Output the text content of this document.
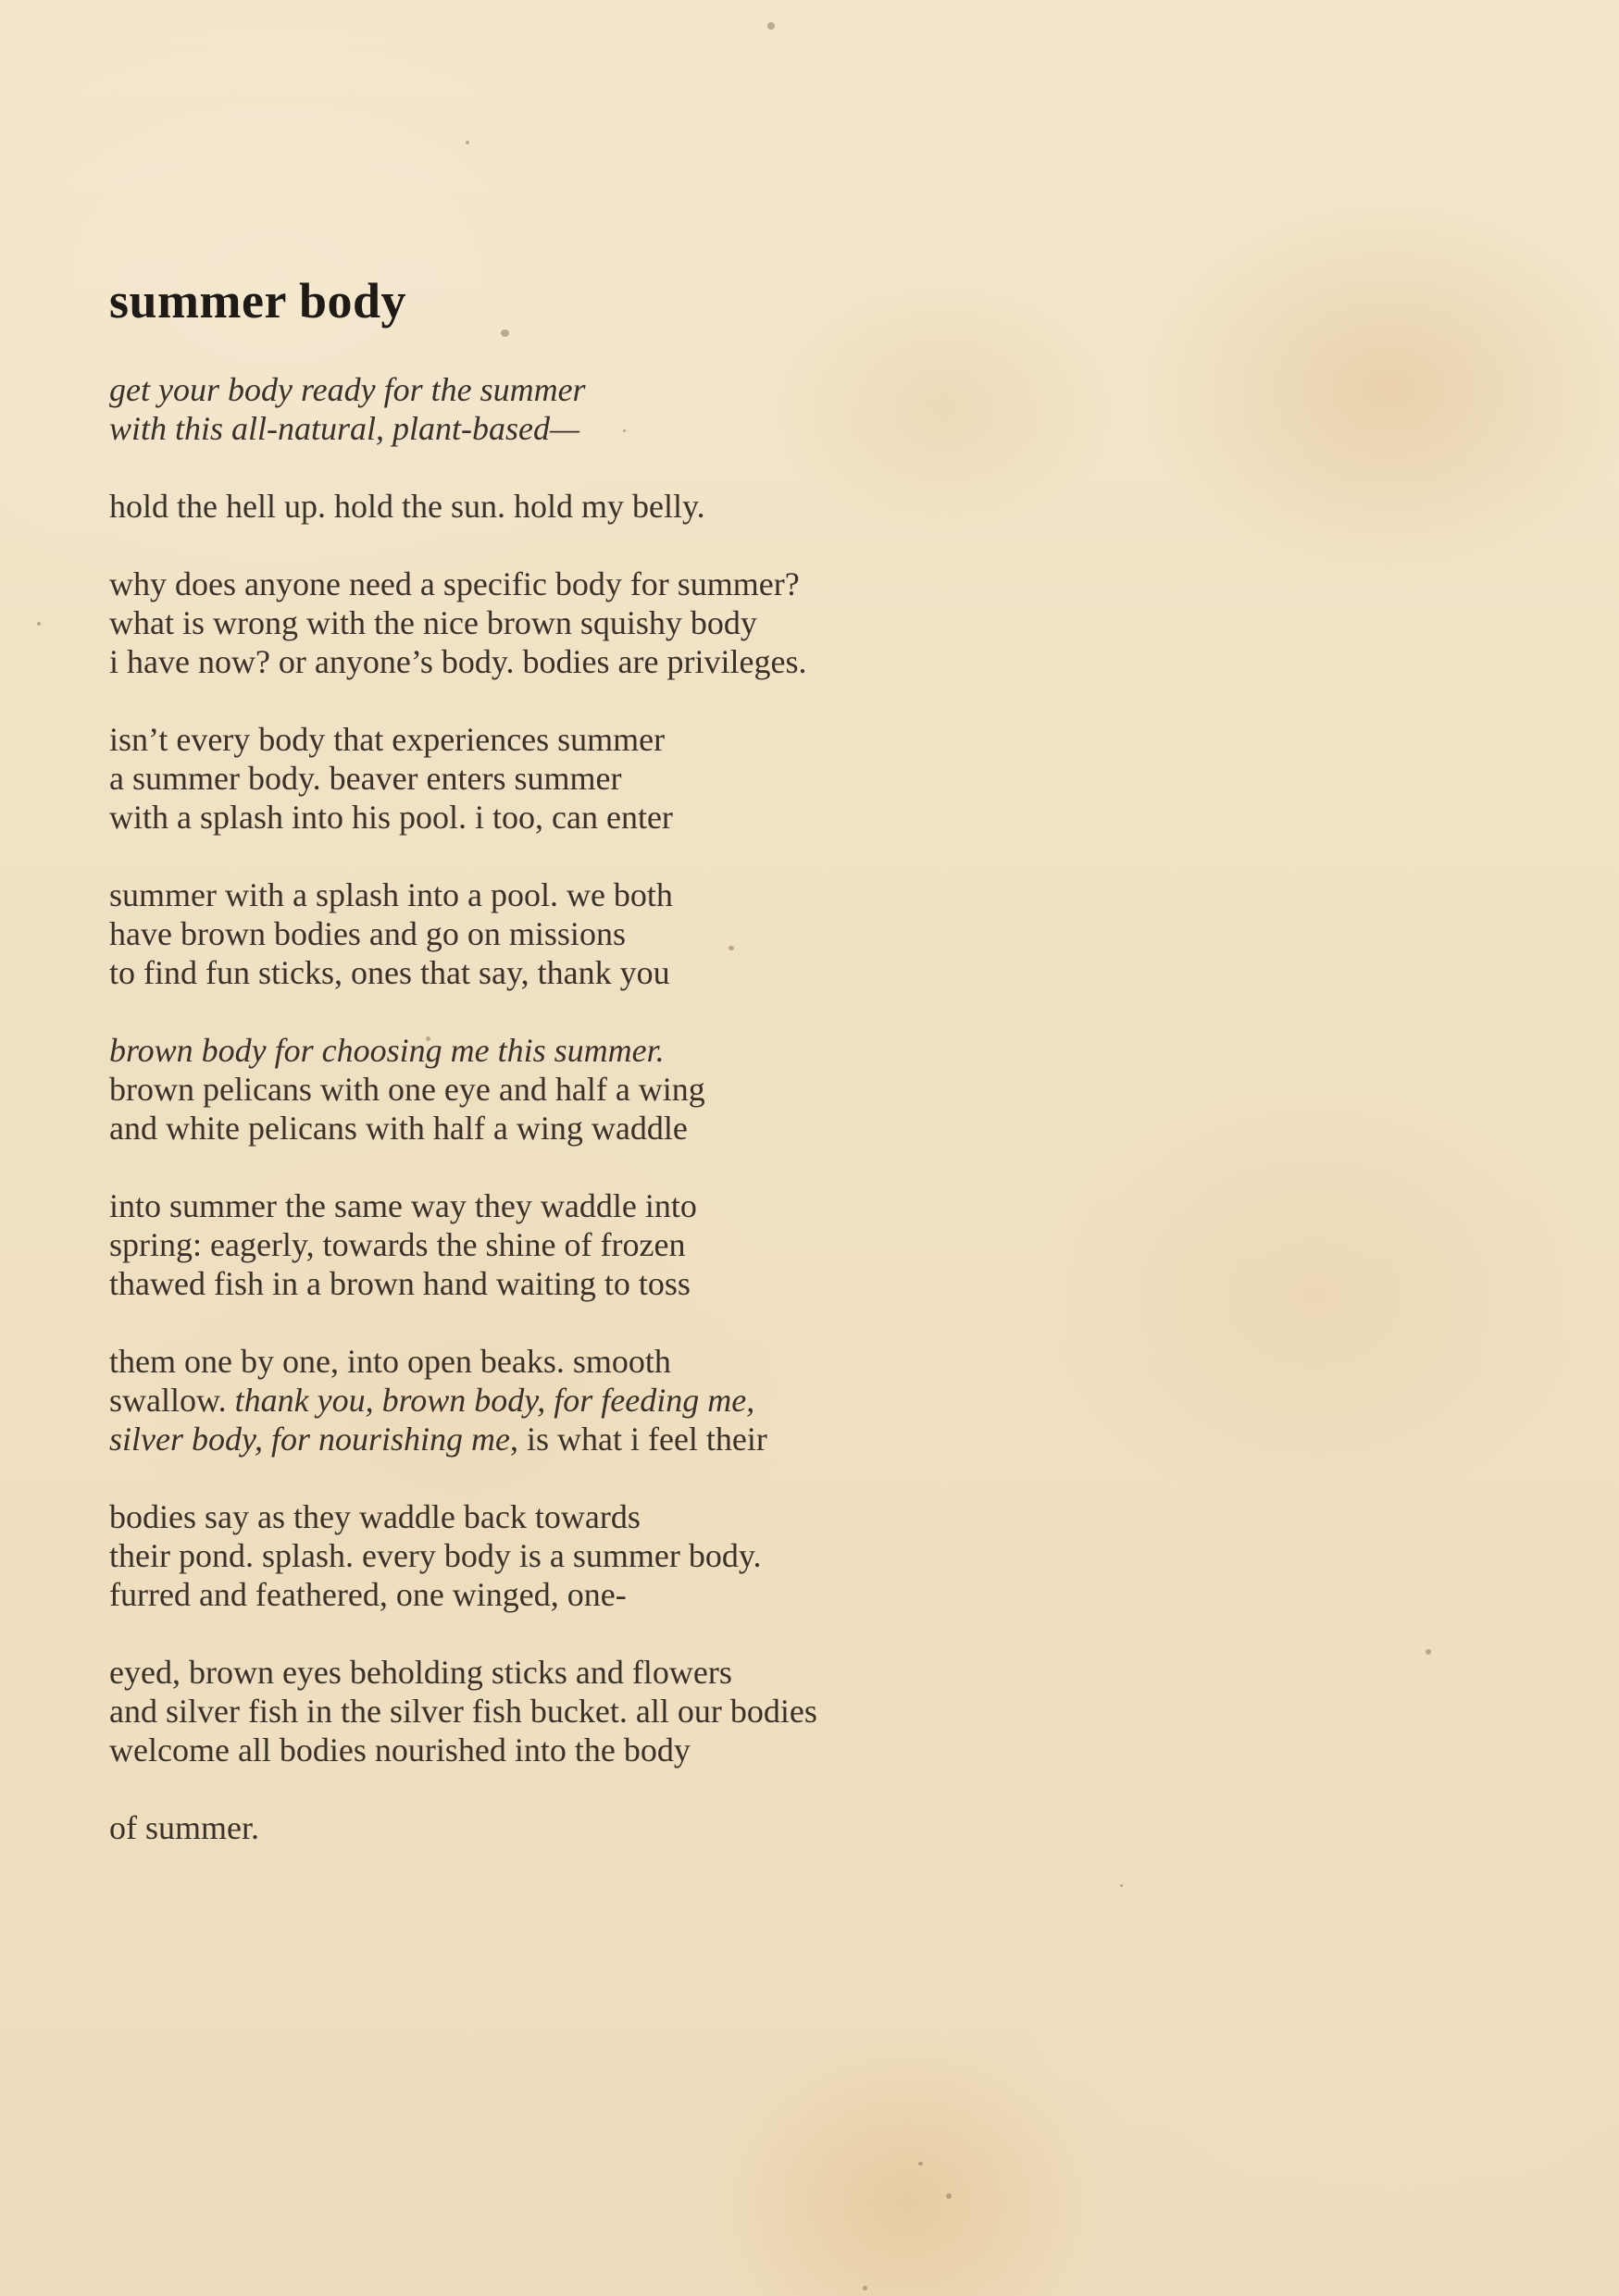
summer body
get your body ready for the summer
with this all-natural, plant-based—
hold the hell up. hold the sun. hold my belly.
why does anyone need a specific body for summer?
what is wrong with the nice brown squishy body
i have now? or anyone’s body. bodies are privileges.
isn’t every body that experiences summer
a summer body. beaver enters summer
with a splash into his pool. i too, can enter
summer with a splash into a pool. we both
have brown bodies and go on missions
to find fun sticks, ones that say, thank you
brown body for choosing me this summer.
brown pelicans with one eye and half a wing
and white pelicans with half a wing waddle
into summer the same way they waddle into
spring: eagerly, towards the shine of frozen
thawed fish in a brown hand waiting to toss
them one by one, into open beaks. smooth
swallow. thank you, brown body, for feeding me,
silver body, for nourishing me, is what i feel their
bodies say as they waddle back towards
their pond. splash. every body is a summer body.
furred and feathered, one winged, one-
eyed, brown eyes beholding sticks and flowers
and silver fish in the silver fish bucket. all our bodies
welcome all bodies nourished into the body
of summer.
